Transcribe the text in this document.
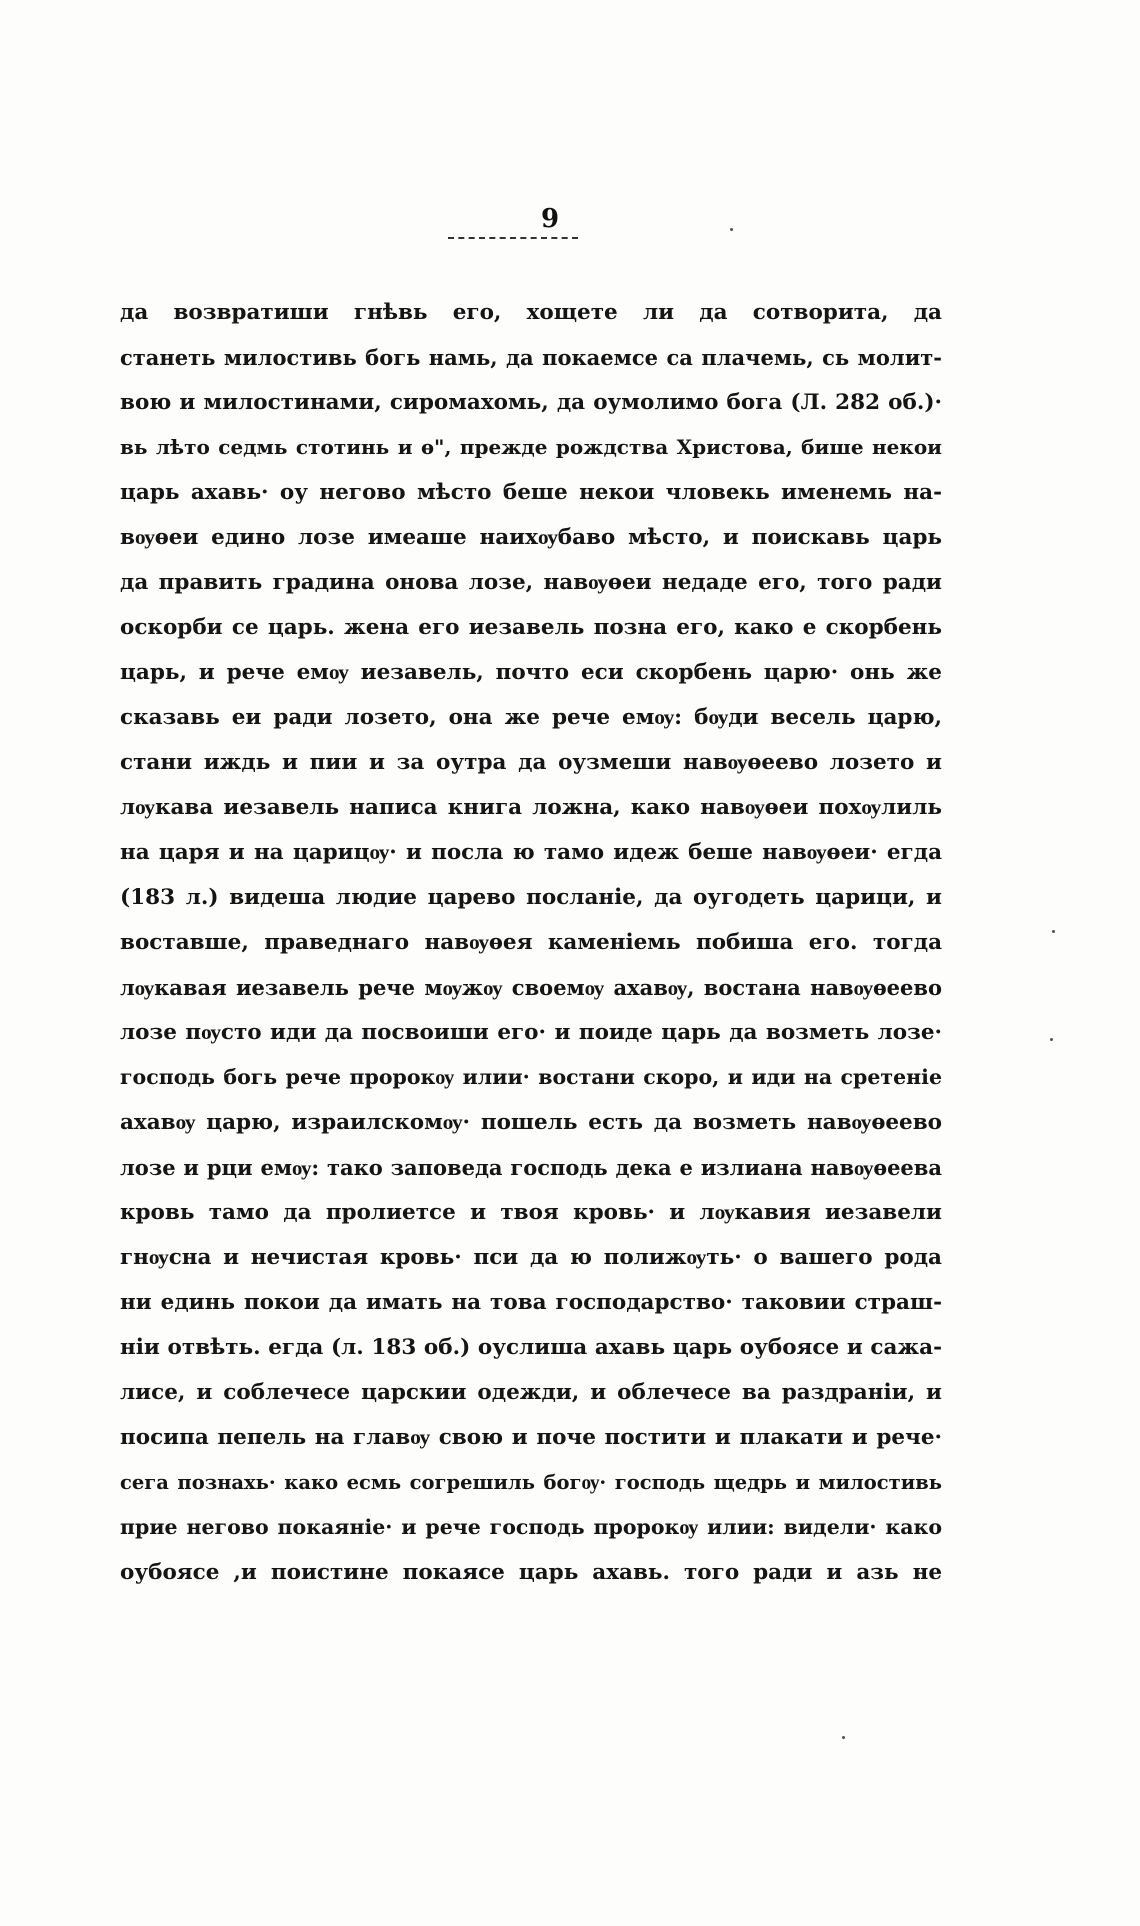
9
да возвратиши гнѣвь его, хощете ли да сотворита, да
станеть милостивь богь намь, да покаемсе са плачемь, сь молит-
вою и милостинами, сиромахомь, да оумолимо бога (Л. 282 об.)·
вь лѣто седмь стотинь и ѳ", прежде рождства Христова, бише некои
царь ахавь· оу негово мѣсто беше некои чловекь именемь на-
вѹѳеи едино лозе имеаше наихѹбаво мѣсто, и поискавь царь
да править градина онова лозе, навѹѳеи недаде его, того ради
оскорби се царь. жена его иезавель позна его, како е скорбень
царь, и рече емѹ иезавель, почто еси скорбень царю· онь же
сказавь еи ради лозето, она же рече емѹ: бѹди весель царю,
стани иждь и пии и за оутра да оузмеши навѹѳеево лозето и
лѹкава иезавель написа книга ложна, како навѹѳеи похѹлиль
на царя и на царицѹ· и посла ю тамо идеж беше навѹѳеи· егда
(183 л.) видеша людие царево посланіе, да оугодеть царици, и
воставше, праведнаго навѹѳея каменіемь побиша его. тогда
лѹкавая иезавель рече мѹжѹ своемѹ ахавѹ, востана навѹѳеево
лозе пѹсто иди да посвоиши его· и поиде царь да возметь лозе·
господь богь рече пророкѹ илии· востани скоро, и иди на сретеніе
ахавѹ царю, израилскомѹ· пошель есть да возметь навѹѳеево
лозе и рци емѹ: тако заповеда господь дека е излиана навѹѳеева
кровь тамо да пролиетсе и твоя кровь· и лѹкавия иезавели
гнѹсна и нечистая кровь· пси да ю полижѹть· о вашего рода
ни единь покои да имать на това господарство· таковии страш-
ніи отвѣть. егда (л. 183 об.) оуслиша ахавь царь оубоясе и сажа-
лисе, и соблечесе царскии одежди, и облечесе ва раздраніи, и
посипа пепель на главѹ свою и поче постити и плакати и рече·
сега познахь· како есмь согрешиль богѹ· господь щедрь и милостивь
прие негово покаяніе· и рече господь пророкѹ илии: видели· како
оубоясе ,и поистине покаясе царь ахавь. того ради и азь не
